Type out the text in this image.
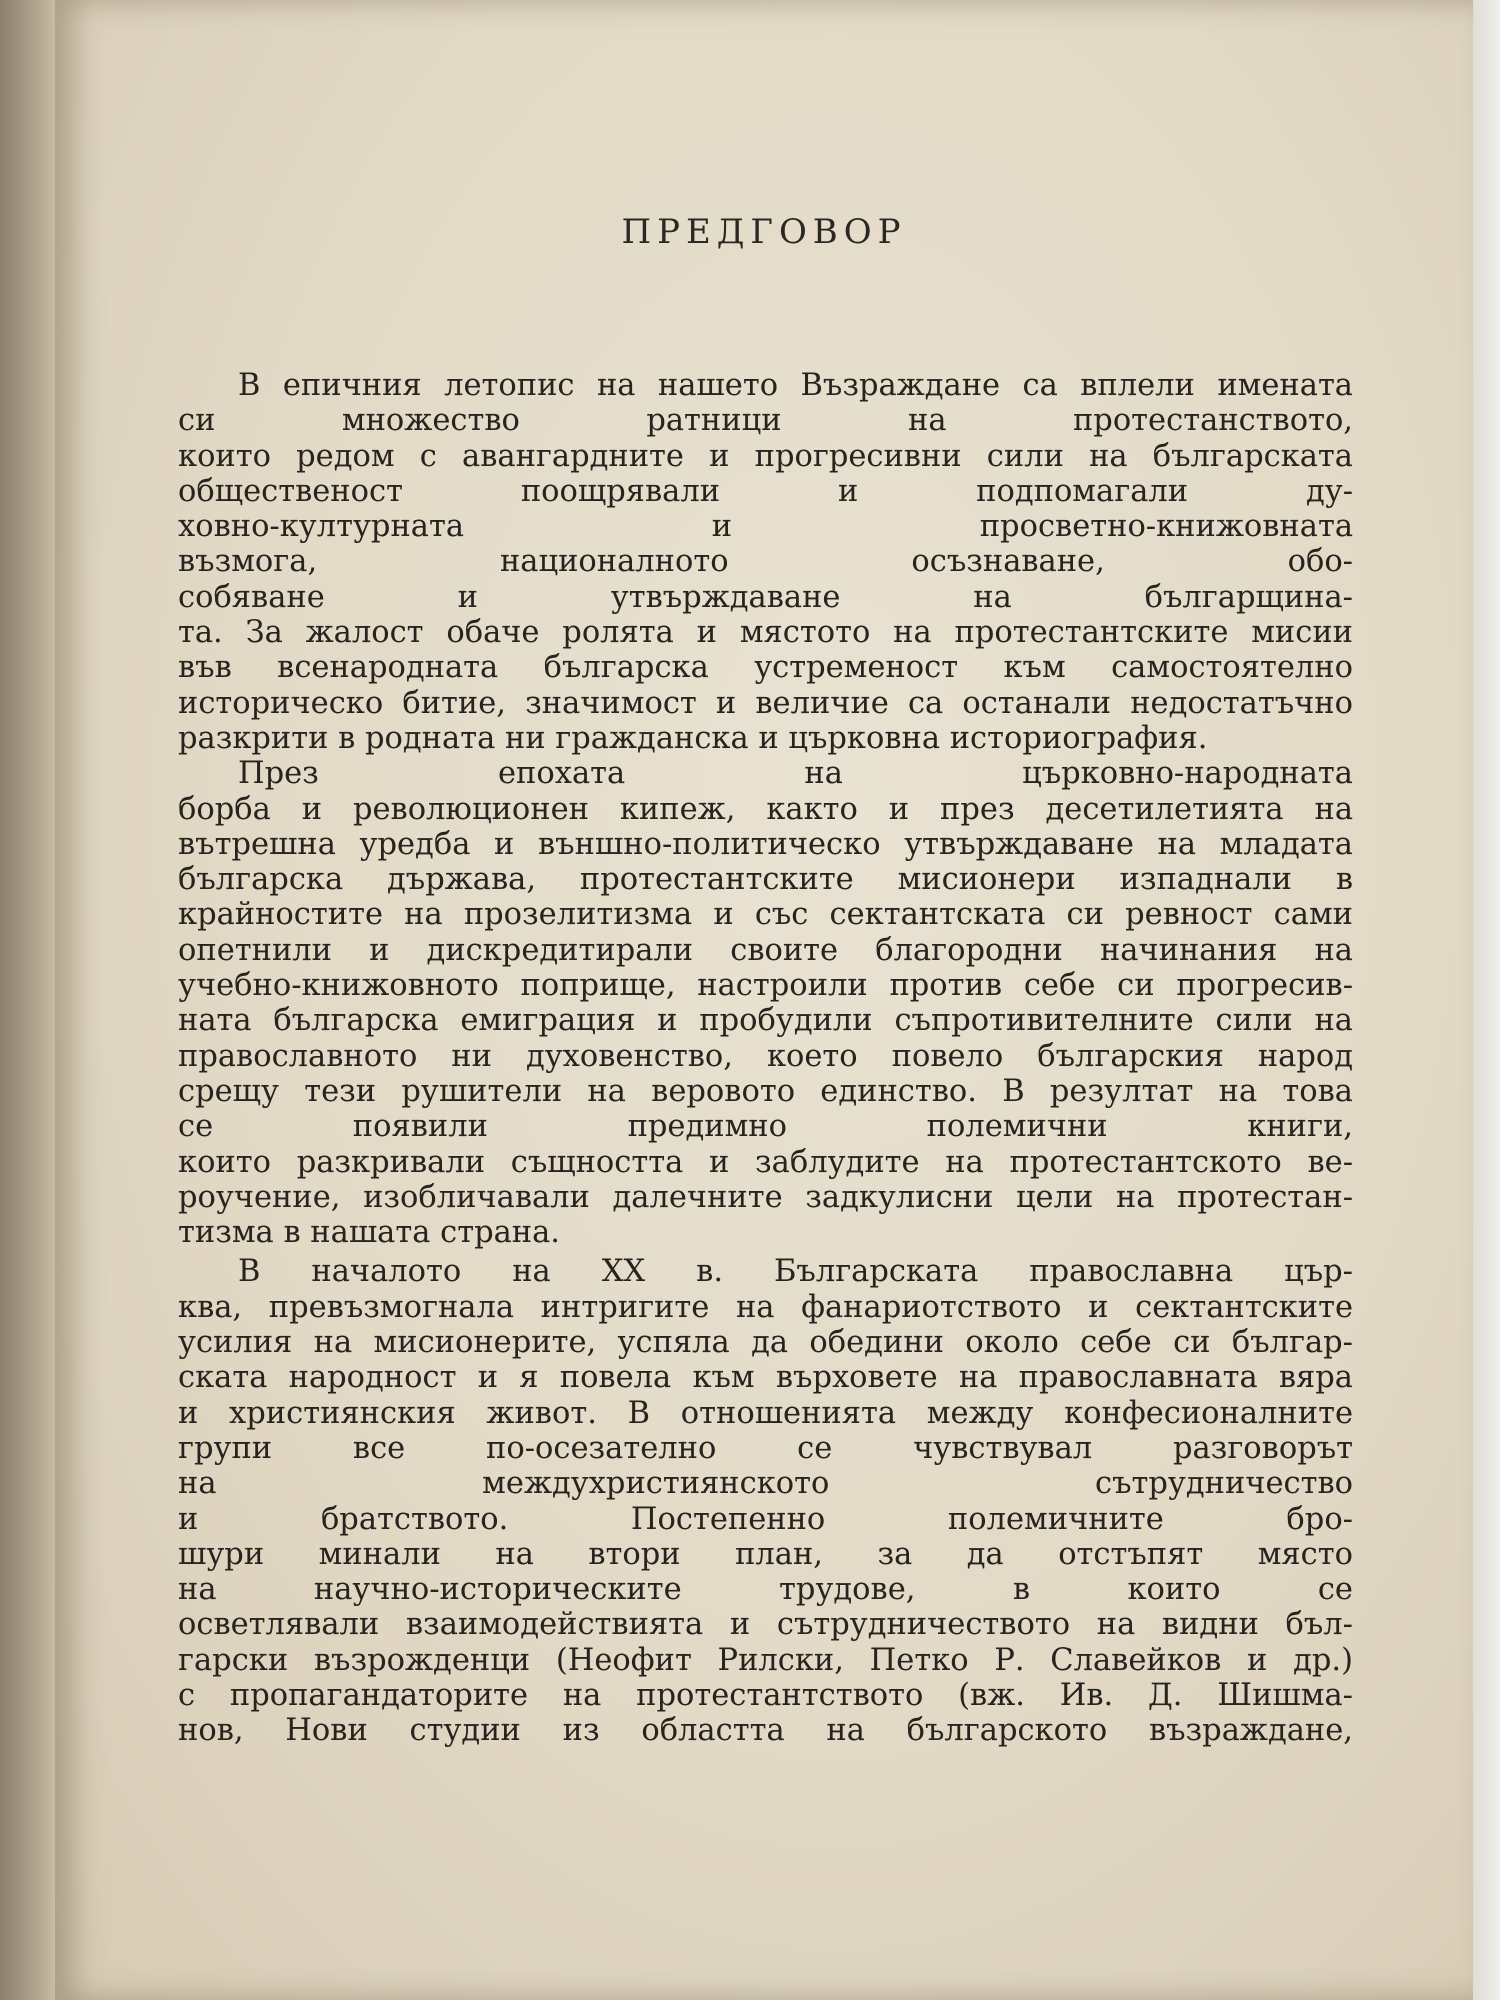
ПРЕДГОВОР
В епичния летопис на нашето Възраждане са вплели имената
си множество ратници на протестанството,
които редом с авангардните и прогресивни сили на българската
общественост поощрявали и подпомагали ду-
ховно-културната и просветно-книжовната
възмога, националното осъзнаване, обо-
собяване и утвърждаване на българщина-
та. За жалост обаче ролята и мястото на протестантските мисии
във всенародната българска устременост към самостоятелно
историческо битие, значимост и величие са останали недостатъчно
разкрити в родната ни гражданска и църковна историография.
През епохата на църковно-народната
борба и революционен кипеж, както и през десетилетията на
вътрешна уредба и външно-политическо утвърждаване на младата
българска държава, протестантските мисионери изпаднали в
крайностите на прозелитизма и със сектантската си ревност сами
опетнили и дискредитирали своите благородни начинания на
учебно-книжовното поприще, настроили против себе си прогресив-
ната българска емиграция и пробудили съпротивителните сили на
православното ни духовенство, което повело българския народ
срещу тези рушители на веровото единство. В резултат на това
се появили предимно полемични книги,
които разкривали същността и заблудите на протестантското ве-
роучение, изобличавали далечните задкулисни цели на протестан-
тизма в нашата страна.
В началото на XX в. Българската православна цър-
ква, превъзмогнала интригите на фанариотството и сектантските
усилия на мисионерите, успяла да обедини около себе си българ-
ската народност и я повела към върховете на православната вяра
и християнския живот. В отношенията между конфесионалните
групи все по-осезателно се чувствувал разговорът
на междухристиянското сътрудничество
и братството. Постепенно полемичните бро-
шури минали на втори план, за да отстъпят място
на научно-историческите трудове, в които се
осветлявали взаимодействията и сътрудничеството на видни бъл-
гарски възрожденци (Неофит Рилски, Петко Р. Славейков и др.)
с пропагандаторите на протестантството (вж. Ив. Д. Шишма-
нов, Нови студии из областта на българското възраждане,
